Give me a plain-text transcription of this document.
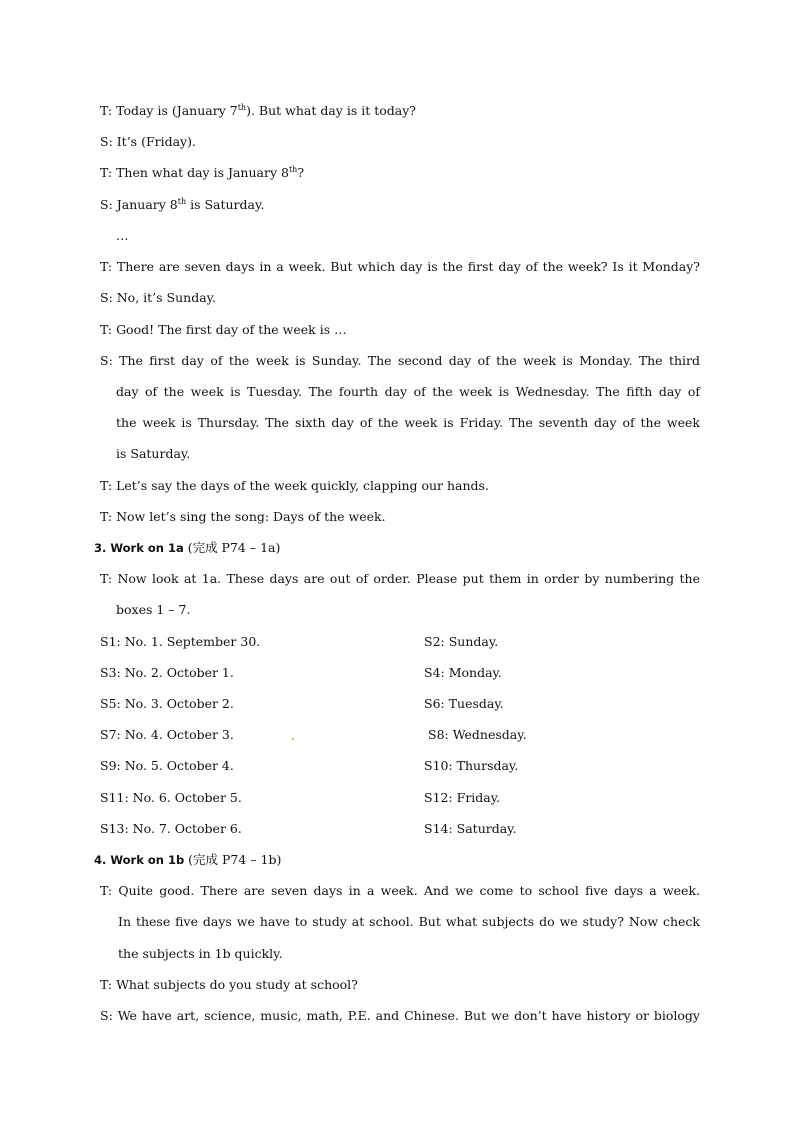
T: Today is (January 7th). But what day is it today?
S: It’s (Friday).
T: Then what day is January 8th?
S: January 8th is Saturday.
…
T: There are seven days in a week. But which day is the first day of the week? Is it Monday?
S: No, it’s Sunday.
T: Good! The first day of the week is …
S: The first day of the week is Sunday. The second day of the week is Monday. The third
day of the week is Tuesday. The fourth day of the week is Wednesday. The fifth day of
the week is Thursday. The sixth day of the week is Friday. The seventh day of the week
is Saturday.
T: Let’s say the days of the week quickly, clapping our hands.
T: Now let’s sing the song: Days of the week.
3. Work on 1a (完成 P74 – 1a)
T: Now look at 1a. These days are out of order. Please put them in order by numbering the
boxes 1 – 7.
S1: No. 1. September 30.	S2: Sunday.
S3: No. 2. October 1.	S4: Monday.
S5: No. 3. October 2.	S6: Tuesday.
S7: No. 4. October 3.	S8: Wednesday.
S9: No. 5. October 4.	S10: Thursday.
S11: No. 6. October 5.	S12: Friday.
S13: No. 7. October 6.	S14: Saturday.
4. Work on 1b (完成 P74 – 1b)
T: Quite good. There are seven days in a week. And we come to school five days a week.
In these five days we have to study at school. But what subjects do we study? Now check
the subjects in 1b quickly.
T: What subjects do you study at school?
S: We have art, science, music, math, P.E. and Chinese. But we don’t have history or biology
